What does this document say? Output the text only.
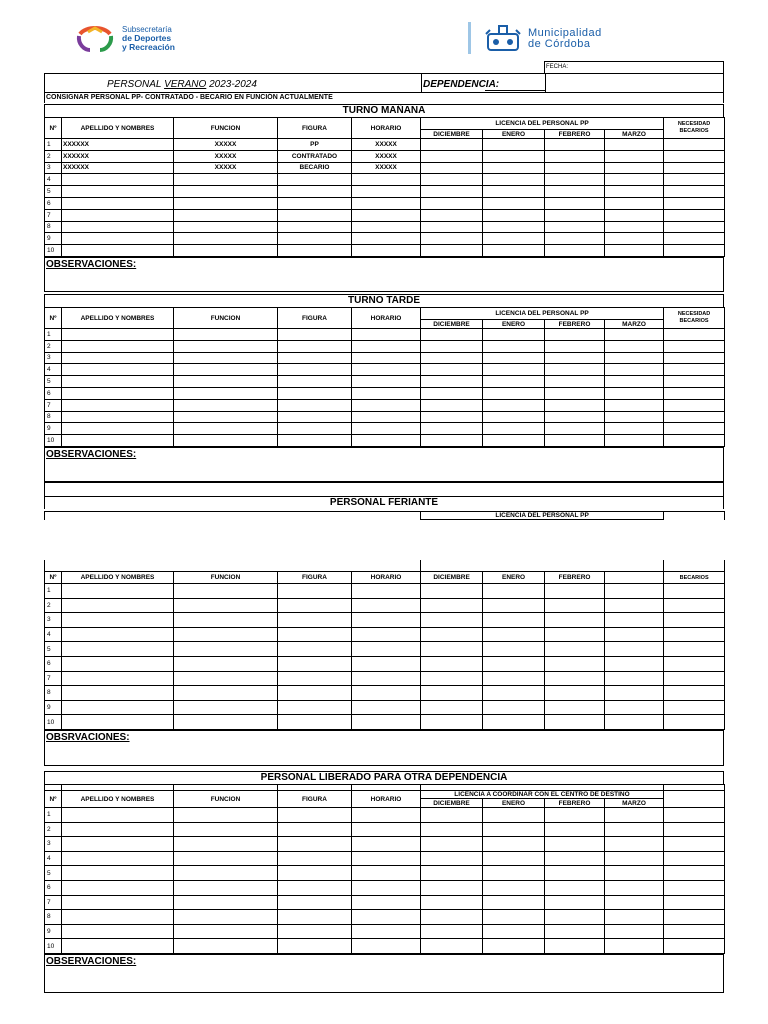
Subsecretaría
de Deportes
y Recreación
Municipalidad
de Córdoba
FECHA:
PERSONAL VERANO 2023-2024	DEPENDENCIA:
CONSIGNAR PERSONAL PP- CONTRATADO - BECARIO EN FUNCIÓN ACTUALMENTE
TURNO MAÑANA
Nº	APELLIDO Y NOMBRES	FUNCION	FIGURA	HORARIO	LICENCIA DEL PERSONAL PP				NECESIDAD
BECARIOS
					DICIEMBRE	ENERO	FEBRERO	MARZO	
1	XXXXXX	XXXXX	PP	XXXXX					
2	XXXXXX	XXXXX	CONTRATADO	XXXXX					
3	XXXXXX	XXXXX	BECARIO	XXXXX					
4									
5									
6									
7									
8									
9									
10									
OBSERVACIONES:
TURNO TARDE
Nº	APELLIDO Y NOMBRES	FUNCION	FIGURA	HORARIO	LICENCIA DEL PERSONAL PP				NECESIDAD
BECARIOS
					DICIEMBRE	ENERO	FEBRERO	MARZO	
1									
2									
3									
4									
5									
6									
7									
8									
9									
10									
OBSERVACIONES:
PERSONAL FERIANTE
					LICENCIA DEL PERSONAL PP				

Nº	APELLIDO Y NOMBRES	FUNCION	FIGURA	HORARIO	DICIEMBRE	ENERO	FEBRERO		BECARIOS
1									
2									
3									
4									
5									
6									
7									
8									
9									
10									
OBSRVACIONES:
PERSONAL LIBERADO PARA OTRA DEPENDENCIA

Nº	APELLIDO Y NOMBRES	FUNCION	FIGURA	HORARIO	LICENCIA A COORDINAR CON EL CENTRO DE DESTINO				
					DICIEMBRE	ENERO	FEBRERO	MARZO	
1									
2									
3									
4									
5									
6									
7									
8									
9									
10									
OBSERVACIONES:
